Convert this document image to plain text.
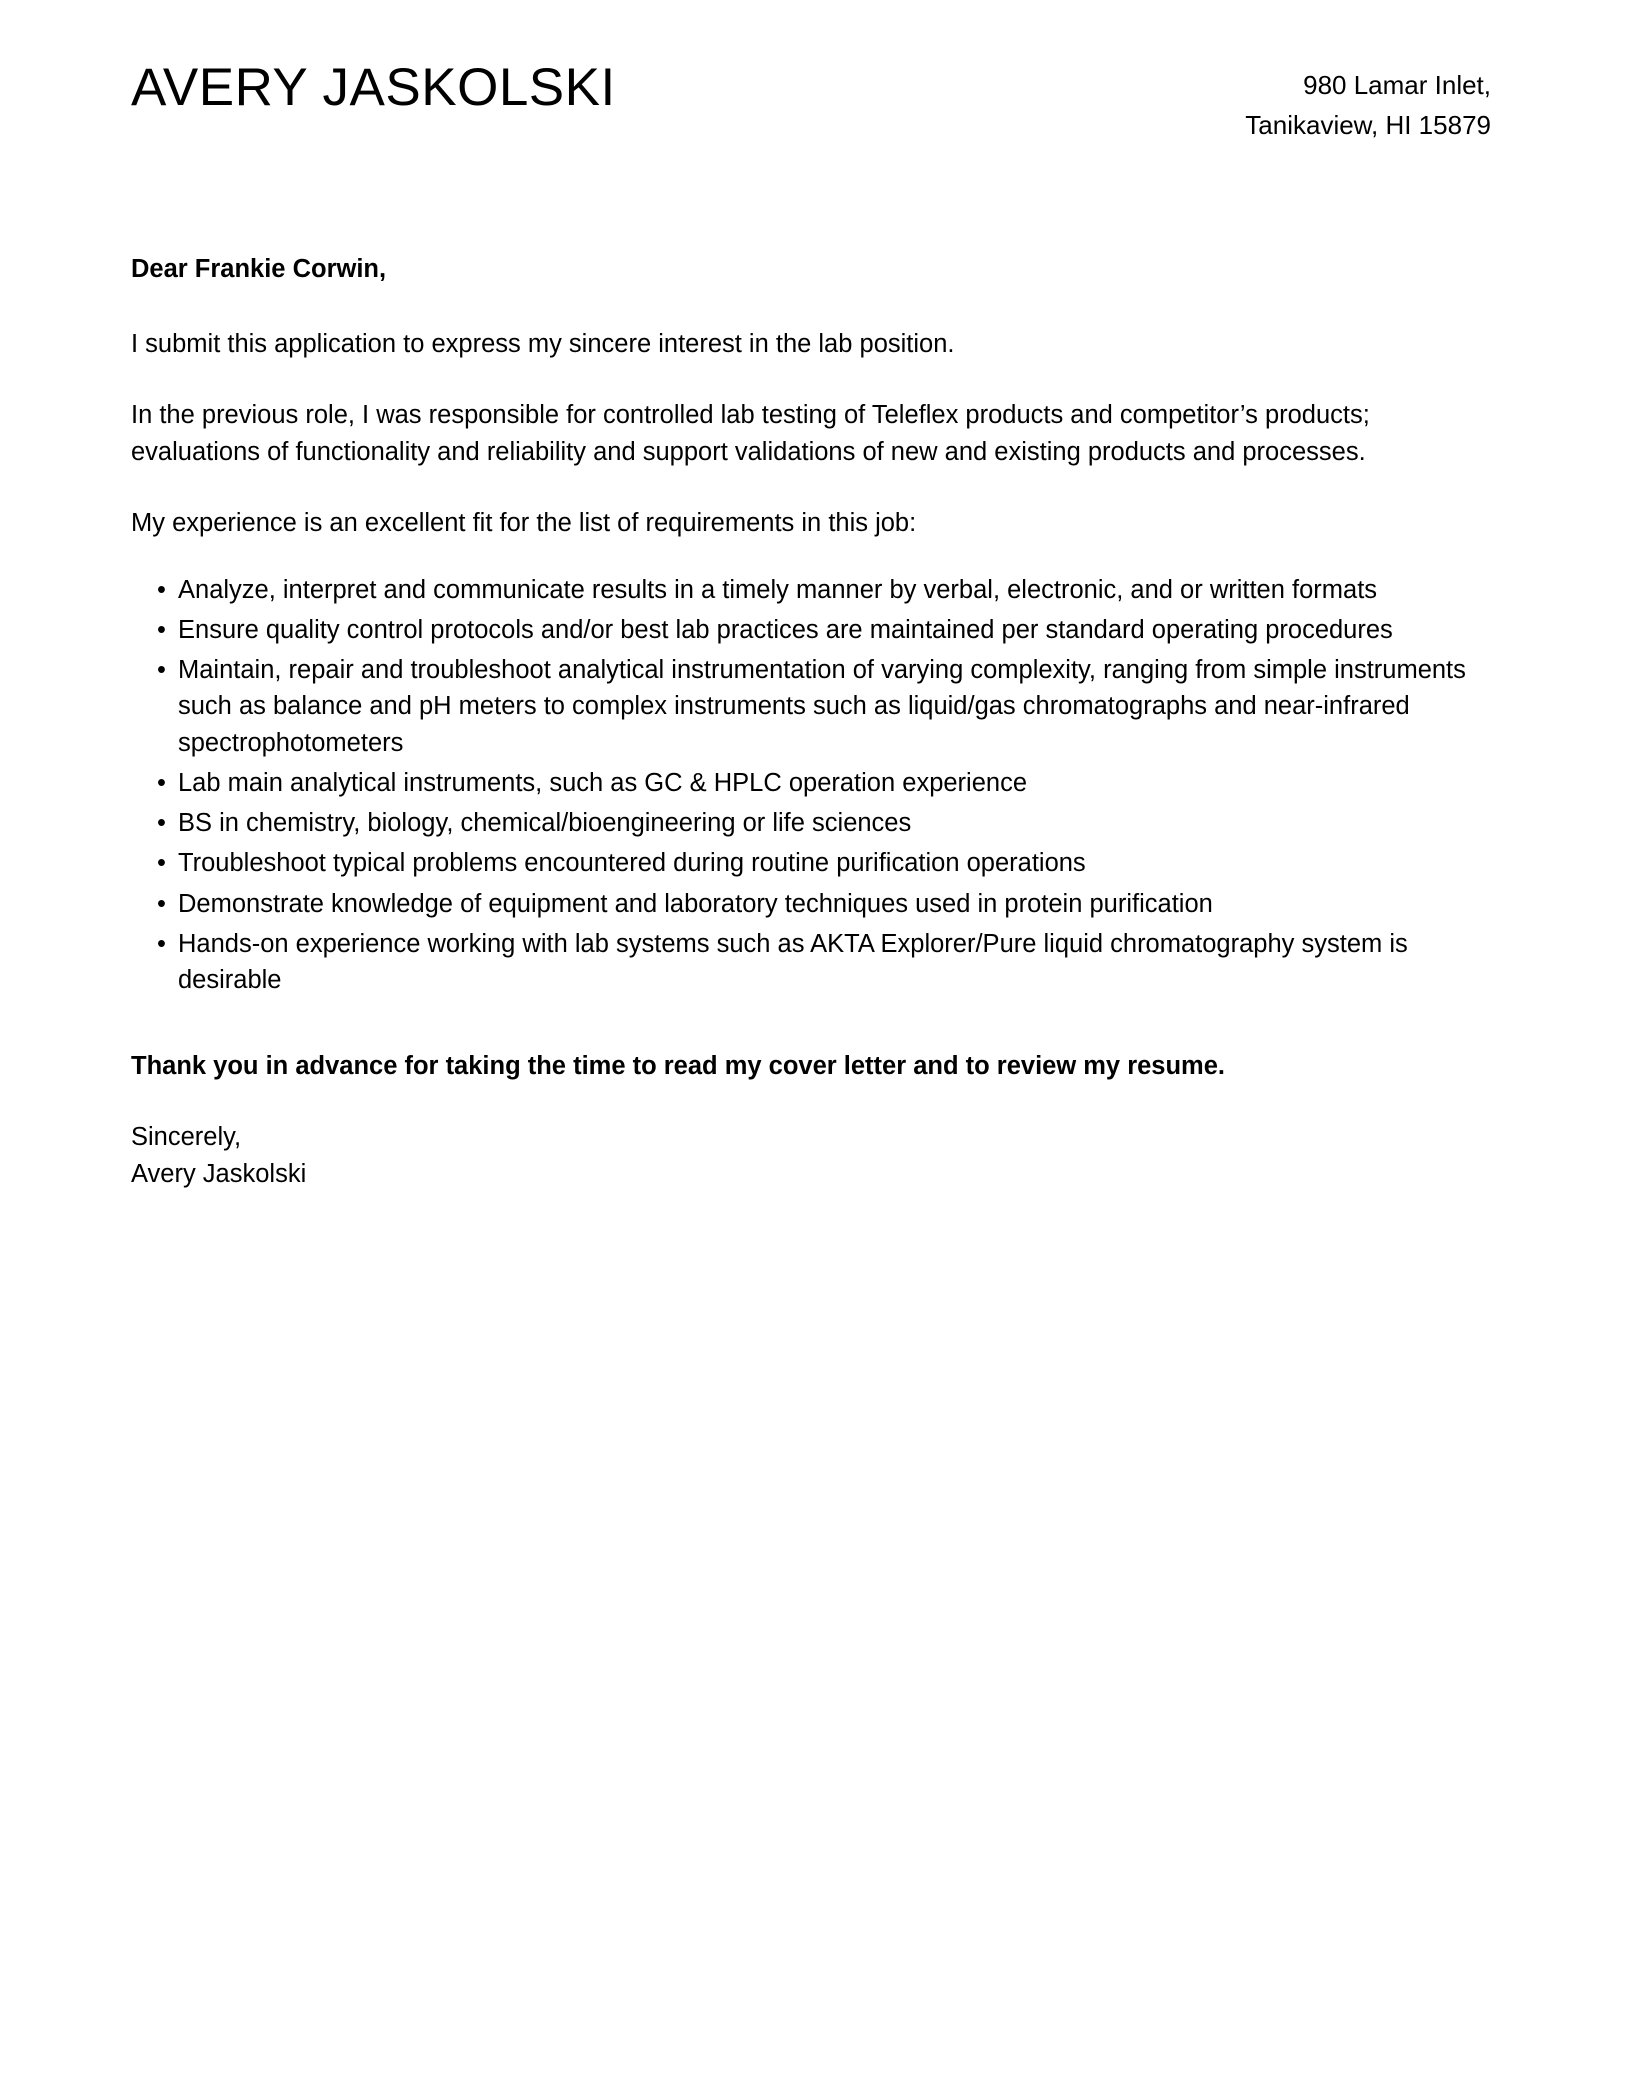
AVERY JASKOLSKI	980 Lamar Inlet,
Tanikaview, HI 15879

Dear Frankie Corwin,

I submit this application to express my sincere interest in the lab position.

In the previous role, I was responsible for controlled lab testing of Teleflex products and competitor’s products; evaluations of functionality and reliability and support validations of new and existing products and processes.

My experience is an excellent fit for the list of requirements in this job:

• Analyze, interpret and communicate results in a timely manner by verbal, electronic, and or written formats
• Ensure quality control protocols and/or best lab practices are maintained per standard operating procedures
• Maintain, repair and troubleshoot analytical instrumentation of varying complexity, ranging from simple instruments such as balance and pH meters to complex instruments such as liquid/gas chromatographs and near-infrared spectrophotometers
• Lab main analytical instruments, such as GC & HPLC operation experience
• BS in chemistry, biology, chemical/bioengineering or life sciences
• Troubleshoot typical problems encountered during routine purification operations
• Demonstrate knowledge of equipment and laboratory techniques used in protein purification
• Hands-on experience working with lab systems such as AKTA Explorer/Pure liquid chromatography system is desirable

Thank you in advance for taking the time to read my cover letter and to review my resume.

Sincerely,
Avery Jaskolski
